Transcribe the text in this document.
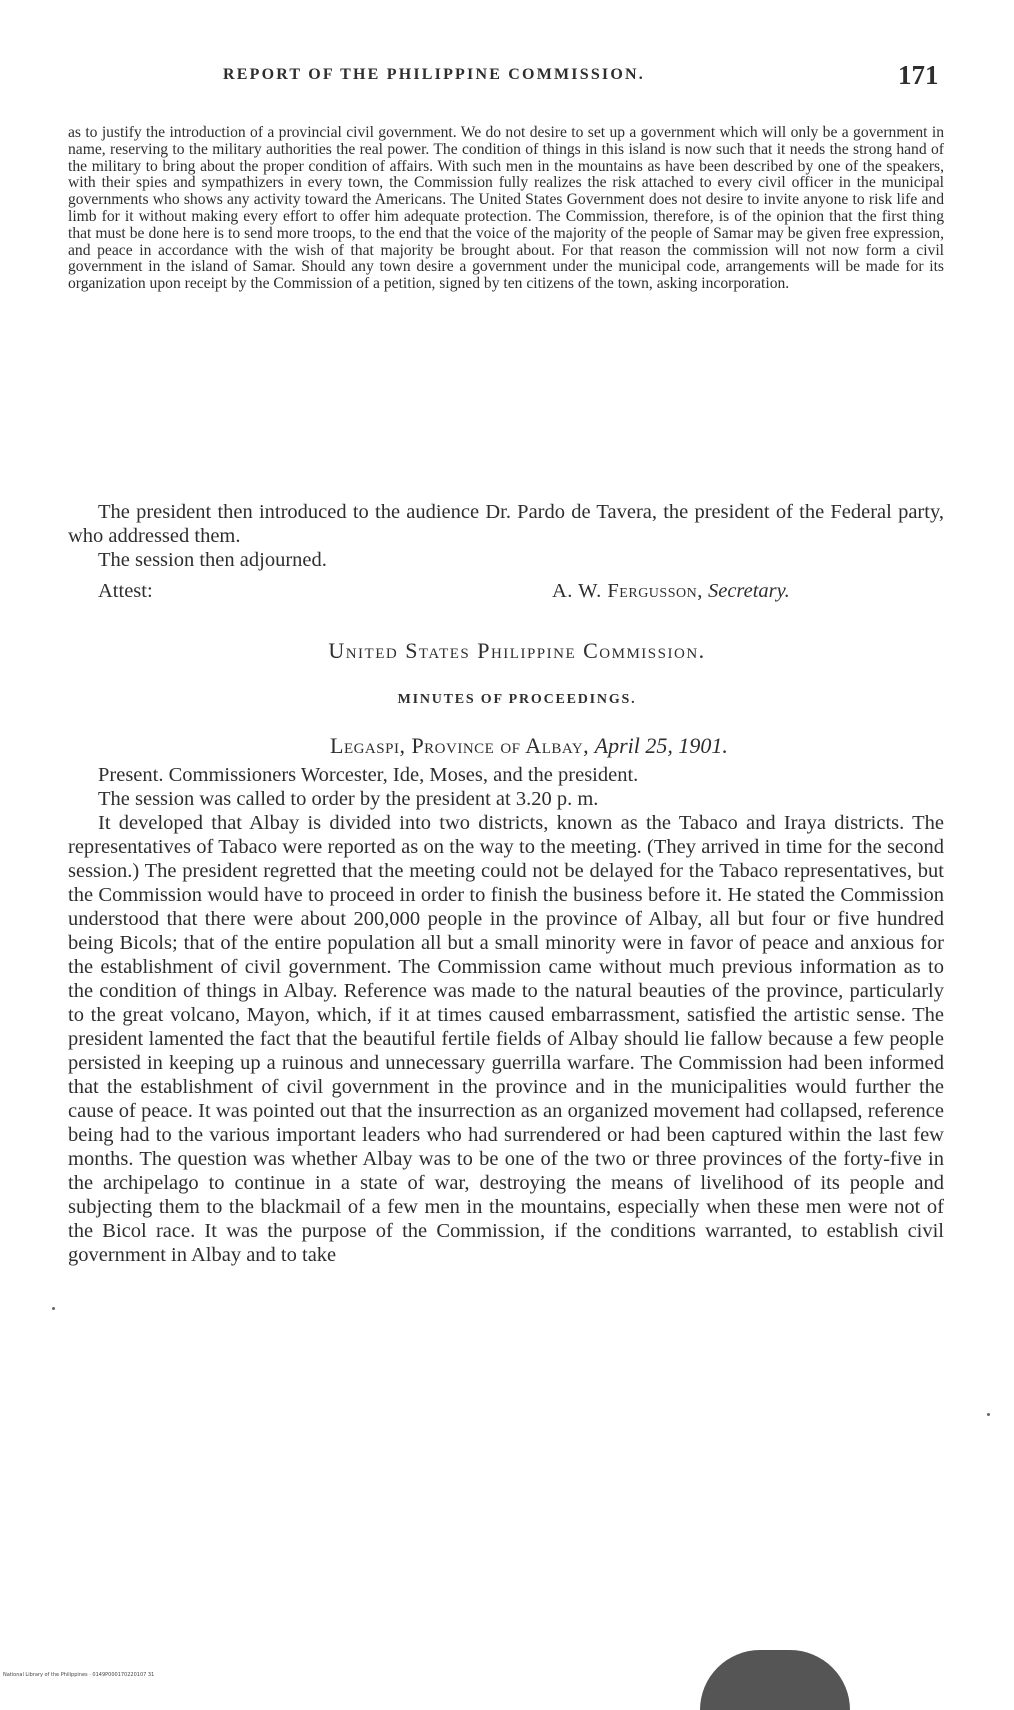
REPORT OF THE PHILIPPINE COMMISSION.	171
as to justify the introduction of a provincial civil government. We do not desire to set up a government which will only be a government in name, reserving to the military authorities the real power. The condition of things in this island is now such that it needs the strong hand of the military to bring about the proper condition of affairs. With such men in the mountains as have been described by one of the speakers, with their spies and sympathizers in every town, the Commission fully realizes the risk attached to every civil officer in the municipal governments who shows any activity toward the Americans. The United States Government does not desire to invite anyone to risk life and limb for it without making every effort to offer him adequate protection. The Commission, therefore, is of the opinion that the first thing that must be done here is to send more troops, to the end that the voice of the majority of the people of Samar may be given free expression, and peace in accordance with the wish of that majority be brought about. For that reason the commission will not now form a civil government in the island of Samar. Should any town desire a government under the municipal code, arrangements will be made for its organization upon receipt by the Commission of a petition, signed by ten citizens of the town, asking incorporation.
The president then introduced to the audience Dr. Pardo de Tavera, the president of the Federal party, who addressed them.
The session then adjourned.
Attest:	A. W. Fergusson, Secretary.
United States Philippine Commission.
MINUTES OF PROCEEDINGS.
Legaspi, Province of Albay, April 25, 1901.
Present. Commissioners Worcester, Ide, Moses, and the president.
The session was called to order by the president at 3.20 p. m.
It developed that Albay is divided into two districts, known as the Tabaco and Iraya districts. The representatives of Tabaco were reported as on the way to the meeting. (They arrived in time for the second session.) The president regretted that the meeting could not be delayed for the Tabaco representatives, but the Commission would have to proceed in order to finish the business before it. He stated the Commission understood that there were about 200,000 people in the province of Albay, all but four or five hundred being Bicols; that of the entire population all but a small minority were in favor of peace and anxious for the establishment of civil government. The Commission came without much previous information as to the condition of things in Albay. Reference was made to the natural beauties of the province, particularly to the great volcano, Mayon, which, if it at times caused embarrassment, satisfied the artistic sense. The president lamented the fact that the beautiful fertile fields of Albay should lie fallow because a few people persisted in keeping up a ruinous and unnecessary guerrilla warfare. The Commission had been informed that the establishment of civil government in the province and in the municipalities would further the cause of peace. It was pointed out that the insurrection as an organized movement had collapsed, reference being had to the various important leaders who had surrendered or had been captured within the last few months. The question was whether Albay was to be one of the two or three provinces of the forty-five in the archipelago to continue in a state of war, destroying the means of livelihood of its people and subjecting them to the blackmail of a few men in the mountains, especially when these men were not of the Bicol race. It was the purpose of the Commission, if the conditions warranted, to establish civil government in Albay and to take
National Library of the Philippines · 0149P000170220107 31
